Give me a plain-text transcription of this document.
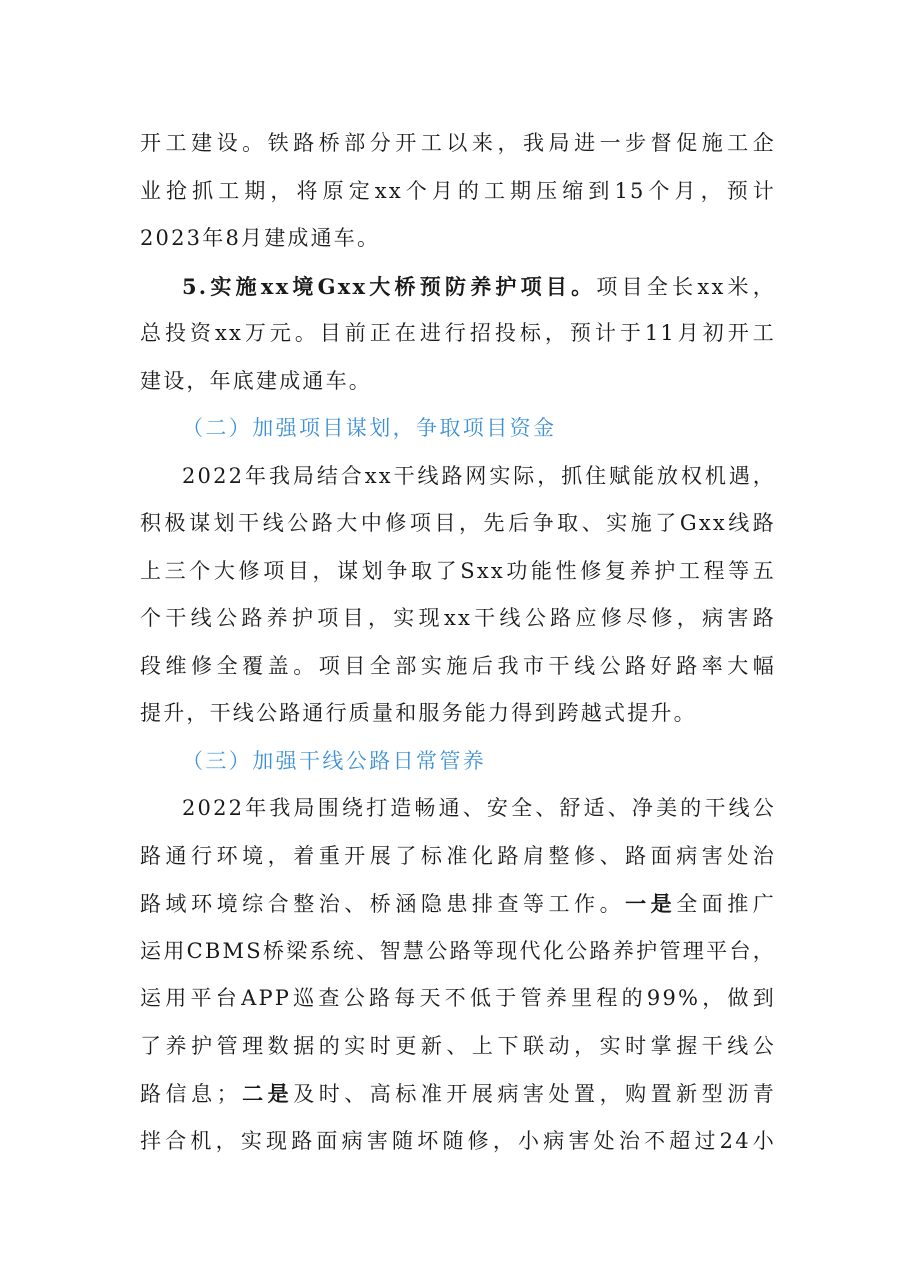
开工建设。铁路桥部分开工以来，我局进一步督促施工企
业抢抓工期，将原定xx个月的工期压缩到15个月，预计
2023年8月建成通车。
5.实施xx境Gxx大桥预防养护项目。项目全长xx米，
总投资xx万元。目前正在进行招投标，预计于11月初开工
建设，年底建成通车。
（二）加强项目谋划，争取项目资金
2022年我局结合xx干线路网实际，抓住赋能放权机遇，
积极谋划干线公路大中修项目，先后争取、实施了Gxx线路
上三个大修项目，谋划争取了Sxx功能性修复养护工程等五
个干线公路养护项目，实现xx干线公路应修尽修，病害路
段维修全覆盖。项目全部实施后我市干线公路好路率大幅
提升，干线公路通行质量和服务能力得到跨越式提升。
（三）加强干线公路日常管养
2022年我局围绕打造畅通、安全、舒适、净美的干线公
路通行环境，着重开展了标准化路肩整修、路面病害处治
路域环境综合整治、桥涵隐患排查等工作。一是全面推广
运用CBMS桥梁系统、智慧公路等现代化公路养护管理平台，
运用平台APP巡查公路每天不低于管养里程的99%，做到
了养护管理数据的实时更新、上下联动，实时掌握干线公
路信息；二是及时、高标准开展病害处置，购置新型沥青
拌合机，实现路面病害随坏随修，小病害处治不超过24小
